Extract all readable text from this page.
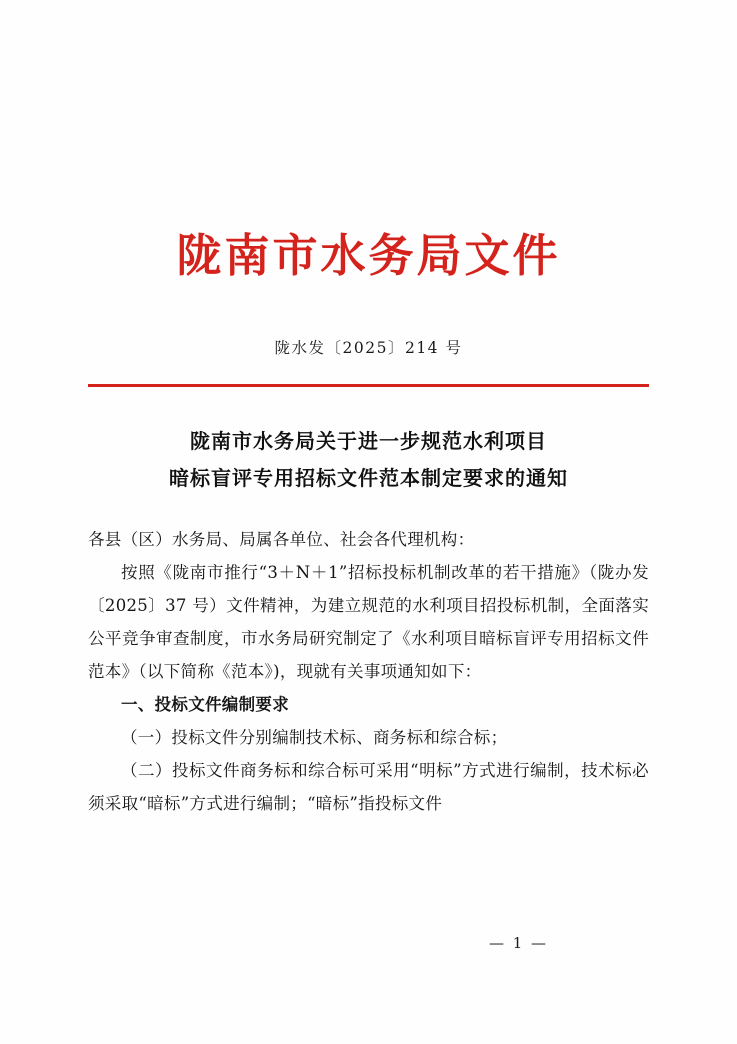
陇南市水务局文件
陇水发〔2025〕214 号
陇南市水务局关于进一步规范水利项目
暗标盲评专用招标文件范本制定要求的通知

各县（区）水务局、局属各单位、社会各代理机构：

按照《陇南市推行“3＋N＋1”招标投标机制改革的若干措施》（陇办发〔2025〕37 号）文件精神，为建立规范的水利项目招投标机制，全面落实公平竞争审查制度，市水务局研究制定了《水利项目暗标盲评专用招标文件范本》（以下简称《范本》)，现就有关事项通知如下：

一、投标文件编制要求

（一）投标文件分别编制技术标、商务标和综合标；

（二）投标文件商务标和综合标可采用“明标”方式进行编制，技术标必须采取“暗标”方式进行编制；“暗标”指投标文件

— 1 —
